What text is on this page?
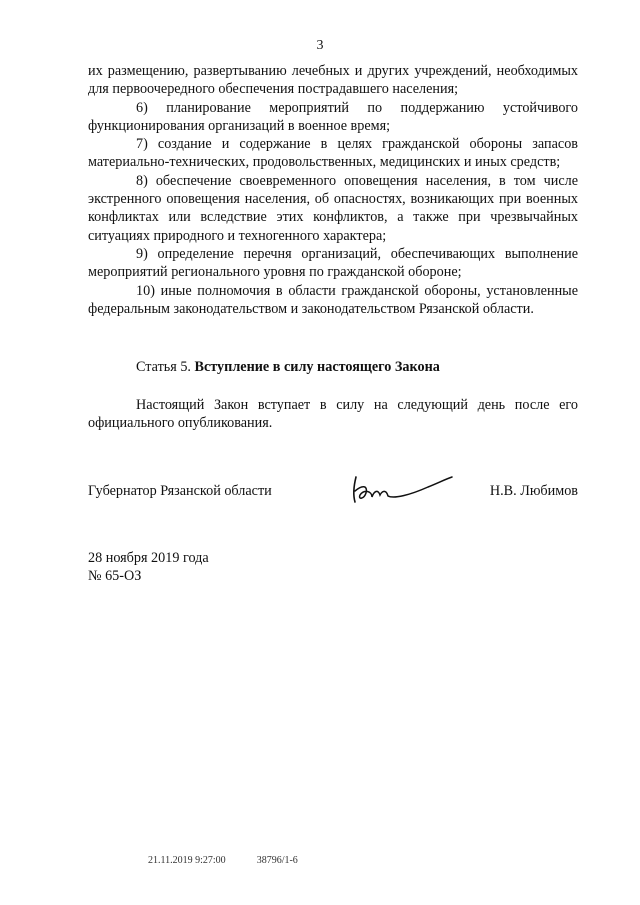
3

их размещению, развертыванию лечебных и других учреждений, необходимых для первоочередного обеспечения пострадавшего населения;

6) планирование мероприятий по поддержанию устойчивого функционирования организаций в военное время;

7) создание и содержание в целях гражданской обороны запасов материально-технических, продовольственных, медицинских и иных средств;

8) обеспечение своевременного оповещения населения, в том числе экстренного оповещения населения, об опасностях, возникающих при военных конфликтах или вследствие этих конфликтов, а также при чрезвычайных ситуациях природного и техногенного характера;

9) определение перечня организаций, обеспечивающих выполнение мероприятий регионального уровня по гражданской обороне;

10) иные полномочия в области гражданской обороны, установленные федеральным законодательством и законодательством Рязанской области.

Статья 5. Вступление в силу настоящего Закона

Настоящий Закон вступает в силу на следующий день после его официального опубликования.

Губернатор Рязанской области	Н.В. Любимов
28 ноября 2019 года
№ 65-ОЗ
21.11.2019 9:27:00	38796/1-6
